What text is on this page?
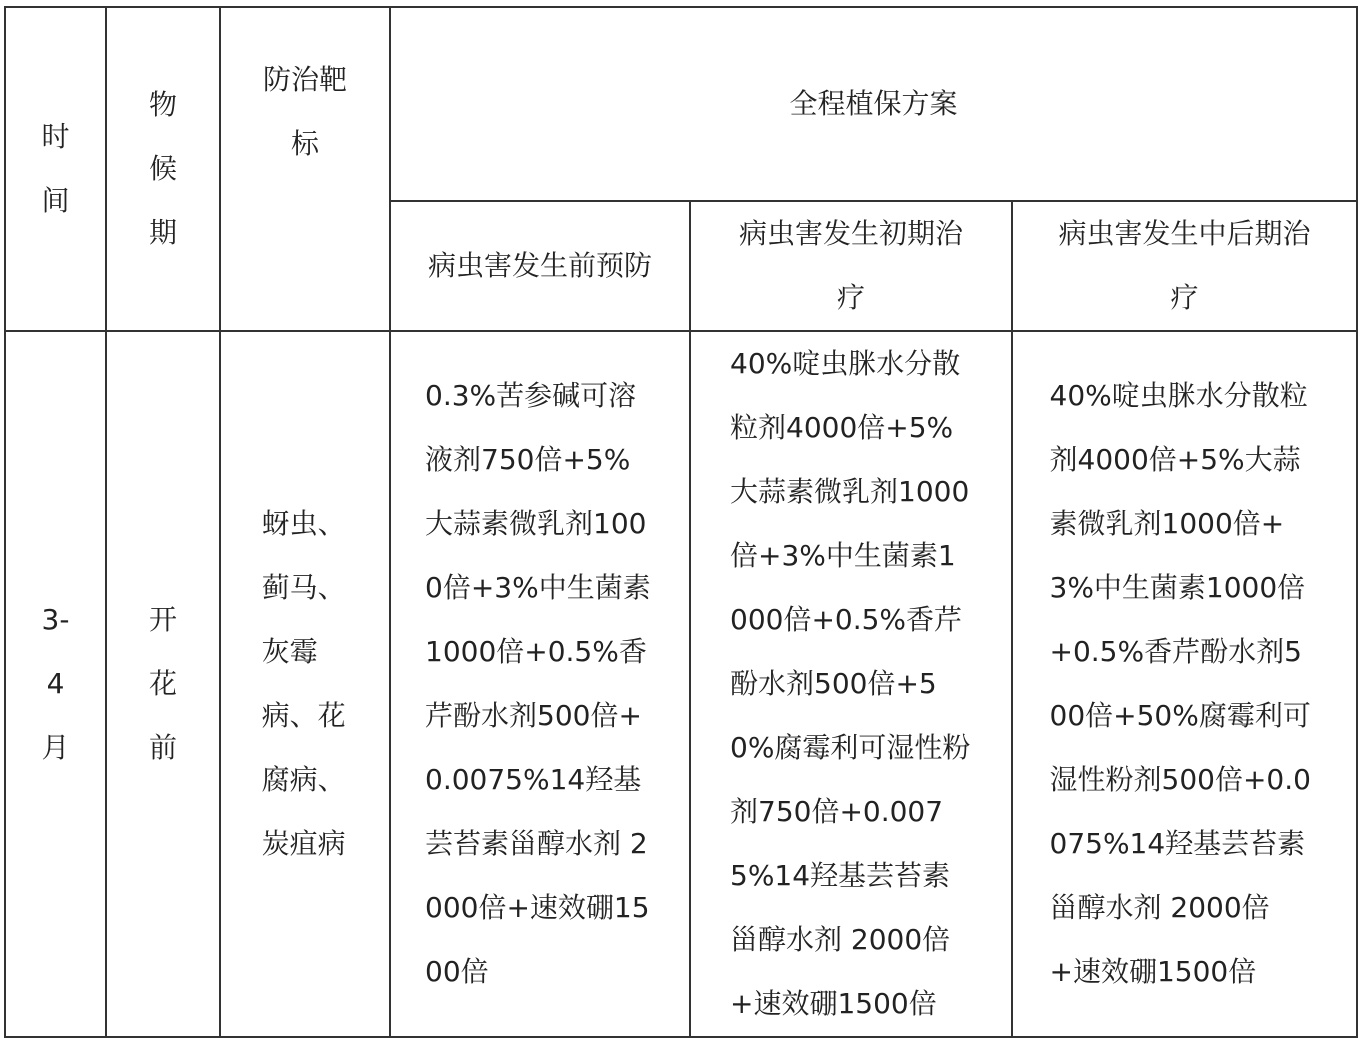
时间	物候期	防治靶标	全程植保方案		
			病虫害发生前预防	病虫害发生初期治疗	病虫害发生中后期治疗
3-4月	开花前	蚜虫、蓟马、灰霉病、花腐病、炭疽病	0.3%苦参碱可溶液剂750倍+5%大蒜素微乳剂1000倍+3%中生菌素1000倍+0.5%香芹酚水剂500倍+0.0075%14羟基芸苔素甾醇水剂 2000倍+速效硼1500倍	40%啶虫脒水分散粒剂4000倍+5%大蒜素微乳剂1000倍+3%中生菌素1000倍+0.5%香芹酚水剂500倍+50%腐霉利可湿性粉剂750倍+0.0075%14羟基芸苔素甾醇水剂 2000倍+速效硼1500倍	40%啶虫脒水分散粒剂4000倍+5%大蒜素微乳剂1000倍+3%中生菌素1000倍+0.5%香芹酚水剂500倍+50%腐霉利可湿性粉剂500倍+0.0075%14羟基芸苔素甾醇水剂 2000倍+速效硼1500倍
